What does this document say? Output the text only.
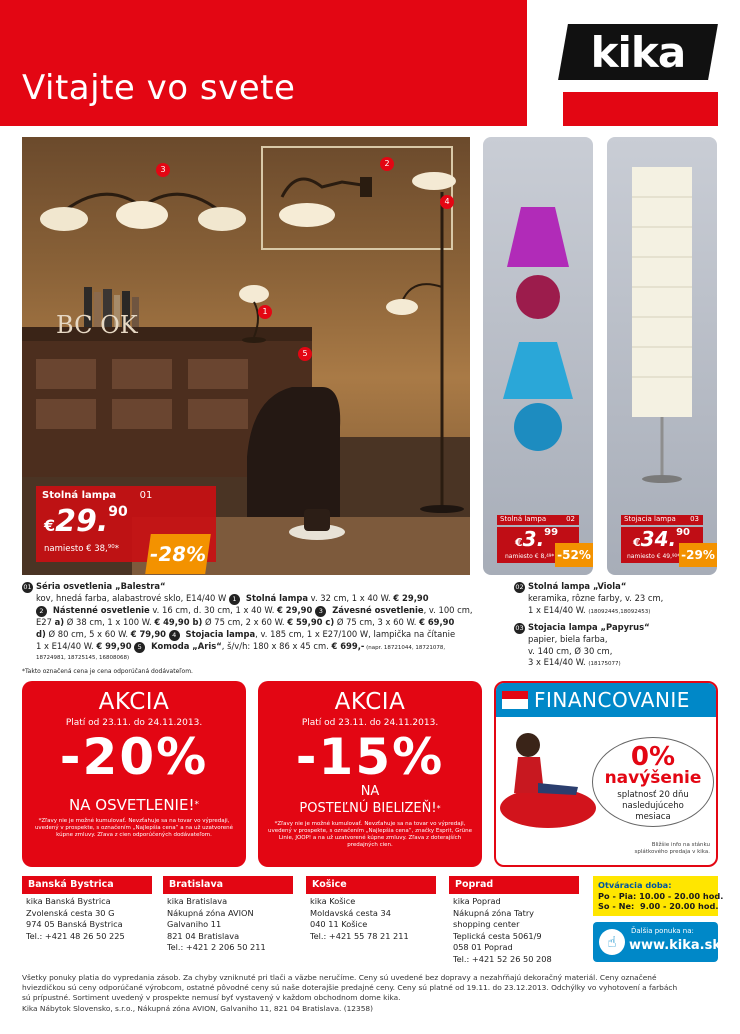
Vitajte vo svete
kika
BC OK	1
2
3
4
5
Stolná lampa 01
€29.90
namiesto € 38,90* -28%
Stolná lampa	02
€3.99
namiesto € 8,49* -52%
Stojacia lampa 03
€34.90
namiesto € 49,90 -29%
01 Séria osvetlenia „Balestra“
kov, hnedá farba, alabastrové sklo, E14/40 W 1 Stolná lampa v. 32 cm, 1 x 40 W. € 29,90
2 Nástenné osvetlenie v. 16 cm, d. 30 cm, 1 x 40 W. € 29,90 3 Závesné osvetlenie, v. 100 cm,
E27 a) Ø 38 cm, 1 x 100 W. € 49,90 b) Ø 75 cm, 2 x 60 W. € 59,90 c) Ø 75 cm, 3 x 60 W. € 69,90
d) Ø 80 cm, 5 x 60 W. € 79,90 4 Stojacia lampa, v. 185 cm, 1 x E27/100 W, lampička na čítanie
1 x E14/40 W. € 99,90 5 Komoda „Aris“, š/v/h: 180 x 86 x 45 cm. € 699,- (napr. 18721044, 18721078,
18724981, 18725145, 16808068)
*Takto označená cena je cena odporúčaná dodávateľom.
02 Stolná lampa „Viola“
keramika, rôzne farby, v. 23 cm,
1 x E14/40 W. (18092445,18092453)
03 Stojacia lampa „Papyrus“
papier, biela farba,
v. 140 cm, Ø 30 cm,
3 x E14/40 W. (18175077)
AKCIA
Platí od 23.11. do 24.11.2013.
-20%
NA OSVETLENIE!*
*Zľavy nie je možné kumulovať. Nevzťahuje sa na tovar vo výpredaji, uvedený v prospekte, s označením „Najlepšia cena“ a na už uzatvorené kúpne zmluvy. Zľava z cien odporúčených dodávateľom.
AKCIA
Platí od 23.11. do 24.11.2013.
-15%
NA
POSTEĽNÚ BIELIZEŇ!*
*Zľavy nie je možné kumulovať. Nevzťahuje sa na tovar vo výpredaji, uvedený v prospekte, s označením „Najlepšia cena“, značky Esprit, Grüne Linie, JOOP! a na už uzatvorené kúpne zmluvy. Zľava z doterajších predajných cien.
FINANCOVANIE
0%
navýšenie
splatnosť 20 dňu
nasledujúceho
mesiaca
Bližšie info na stánku
splátkového predaja v kika.
Banská Bystrica
kika Banská Bystrica
Zvolenská cesta 30 G
974 05 Banská Bystrica
Tel.: +421 48 26 50 225
Bratislava
kika Bratislava
Nákupná zóna AVION
Galvaniho 11
821 04 Bratislava
Tel.: +421 2 206 50 211
Košice
kika Košice
Moldavská cesta 34
040 11 Košice
Tel.: +421 55 78 21 211
Poprad
kika Poprad
Nákupná zóna Tatry
shopping center
Teplická cesta 5061/9
058 01 Poprad
Tel.: +421 52 26 50 208
Otváracia doba:
Po - Pia: 10.00 - 20.00 hod.
So - Ne:  9.00 - 20.00 hod.
☝
Ďalšia ponuka na:
www.kika.sk
Všetky ponuky platia do vypredania zásob. Za chyby vzniknuté pri tlači a väzbe neručíme. Ceny sú uvedené bez dopravy a nezahŕňajú dekoračný materiál. Ceny označené
hviezdičkou sú ceny odporúčané výrobcom, ostatné pôvodné ceny sú naše doterajšie predajné ceny. Ceny sú platné od 19.11. do 23.12.2013. Odchýlky vo vyhotovení a farbách
sú prípustné. Sortiment uvedený v prospekte nemusí byť vystavený v každom obchodnom dome kika.
Kika Nábytok Slovensko, s.r.o., Nákupná zóna AVION, Galvaniho 11, 821 04 Bratislava. (12358)
